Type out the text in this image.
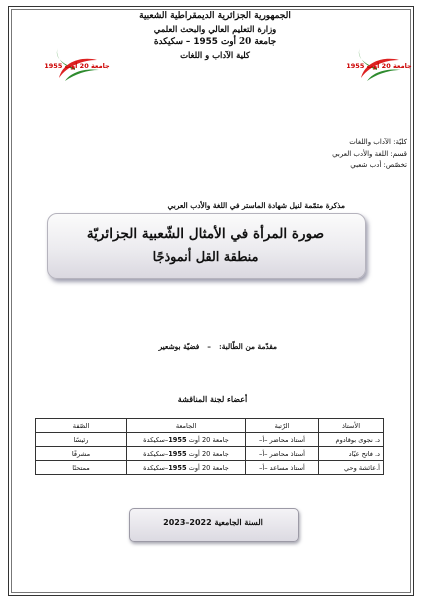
الجمهورية الجزائرية الديمقراطية الشعبية
وزارة التعليم العالي والبحث العلمي
جامعة 20 أوت 1955 – سكيكدة
كلية الآداب و اللغات
جامعة 20 أوت 1955
جامعة 20 أوت 1955
كليّة: الآداب واللغات
قسم: اللغة والأدب العربي
تخصّص: أدب شعبي
مذكرة متمّمة لنيل شهادة الماستر في اللغة والأدب العربي
صورة المرأة في الأمثال الشّعبية الجزائريّة
منطقة القل أنموذجًا
مقدّمة من الطّالبة:
–
فضيّة بوشعير
أعضاء لجنة المناقشة
الأستاذ	الرّتبة	الجامعة	الصّفة
د. نجوى بوقادوم	أستاذ محاضر –أ–	جامعة 20 أوت 1955–سكيكدة	رئيسًا
د. فاتح عيّاد	أستاذ محاضر –أ–	جامعة 20 أوت 1955–سكيكدة	مشرفًا
أ.عائشة وحي	أستاذ مساعد –أ–	جامعة 20 أوت 1955–سكيكدة	ممتحنًا
السنة الجامعية 2022–2023
